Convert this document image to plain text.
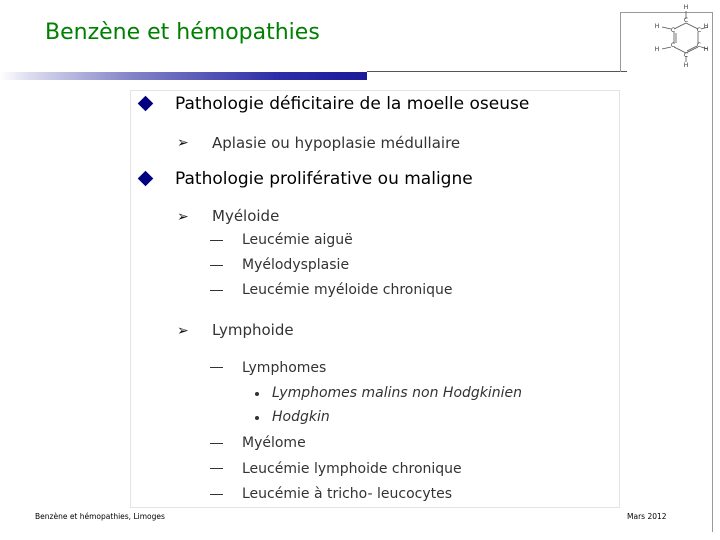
Benzène et hémopathies
H
C
H
C	C
H
H
C	C
H
C
H
Pathologie déficitaire de la moelle oseuse
➢ Aplasie ou hypoplasie médullaire
Pathologie proliférative ou maligne
➢ Myéloide
Leucémie aiguë
Myélodysplasie
Leucémie myéloide chronique
➢ Lymphoide
Lymphomes
Lymphomes malins non Hodgkinien
Hodgkin
Myélome
Leucémie lymphoide chronique
Leucémie à tricho- leucocytes
Benzène et hémopathies, Limoges	Mars 2012
